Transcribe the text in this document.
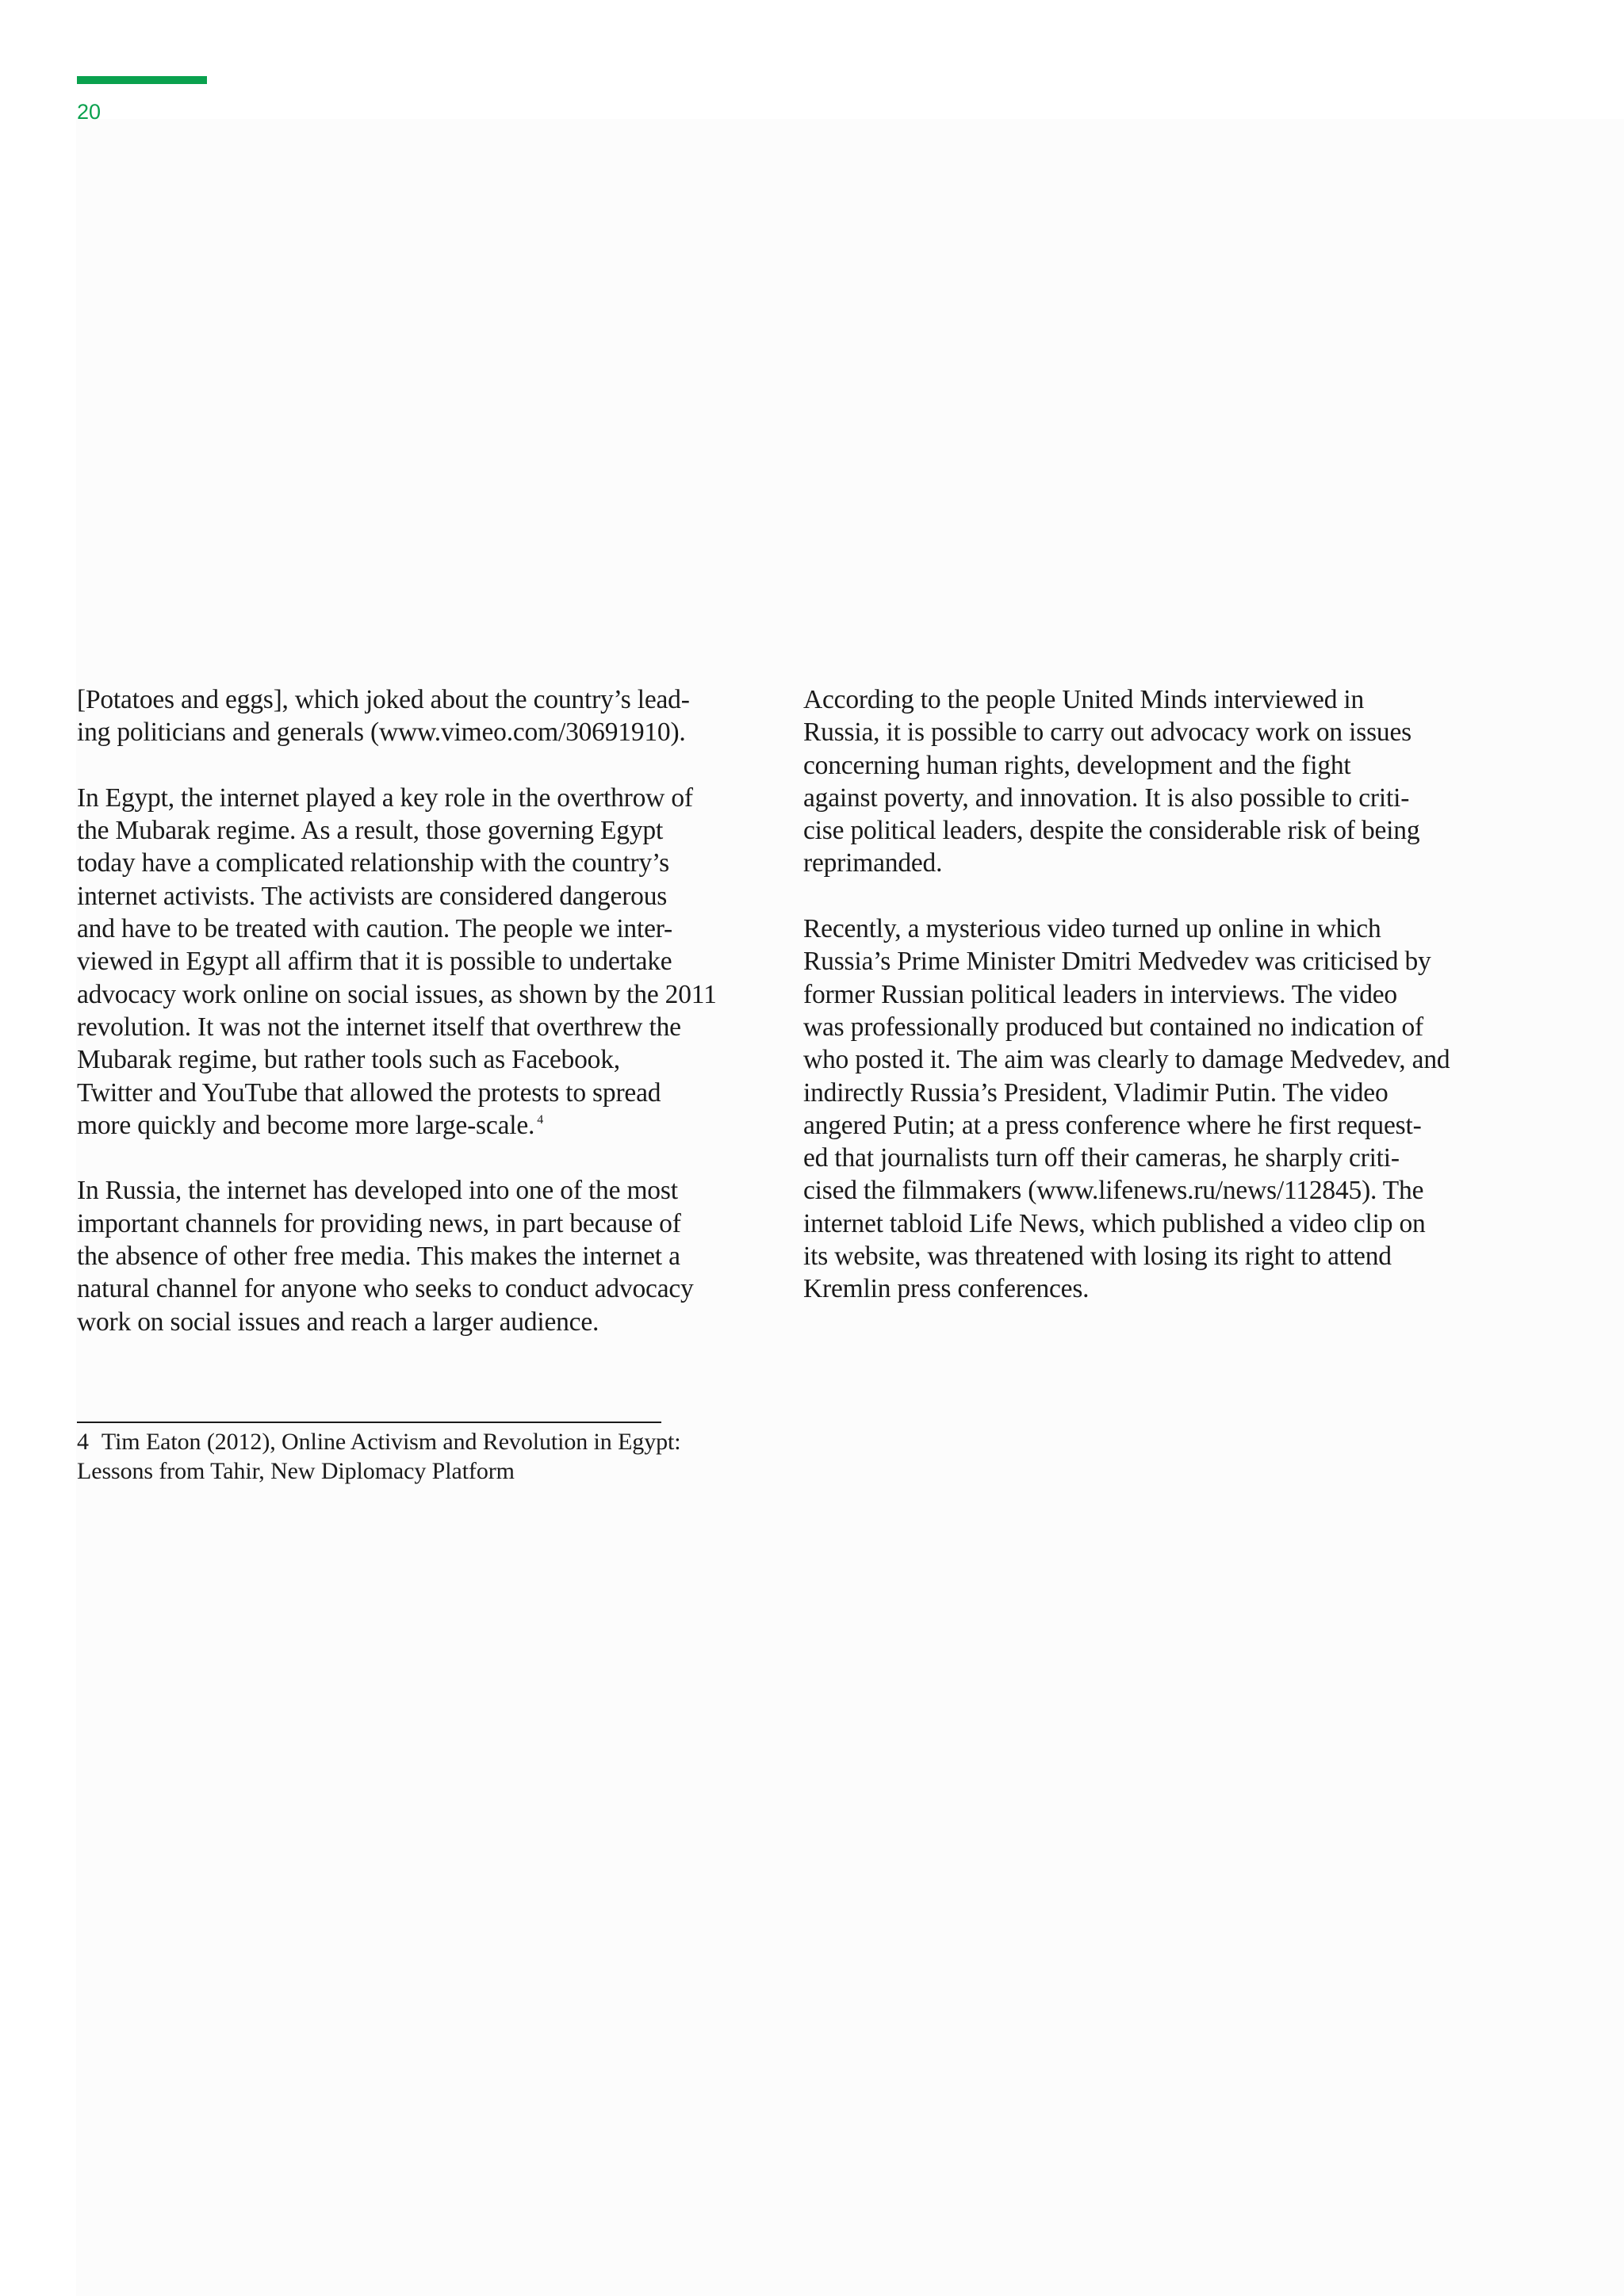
20

[Potatoes and eggs], which joked about the country’s lead-
ing politicians and generals (www.vimeo.com/30691910).

In Egypt, the internet played a key role in the overthrow of
the Mubarak regime. As a result, those governing Egypt
today have a complicated relationship with the country’s
internet activists. The activists are considered dangerous
and have to be treated with caution. The people we inter-
viewed in Egypt all affirm that it is possible to undertake
advocacy work online on social issues, as shown by the 2011
revolution. It was not the internet itself that overthrew the
Mubarak regime, but rather tools such as Facebook,
Twitter and YouTube that allowed the protests to spread
more quickly and become more large-scale. $^4$

In Russia, the internet has developed into one of the most
important channels for providing news, in part because of
the absence of other free media. This makes the internet a
natural channel for anyone who seeks to conduct advocacy
work on social issues and reach a larger audience.

According to the people United Minds interviewed in
Russia, it is possible to carry out advocacy work on issues
concerning human rights, development and the fight
against poverty, and innovation. It is also possible to criti-
cise political leaders, despite the considerable risk of being
reprimanded.

Recently, a mysterious video turned up online in which
Russia’s Prime Minister Dmitri Medvedev was criticised by
former Russian political leaders in interviews. The video
was professionally produced but contained no indication of
who posted it. The aim was clearly to damage Medvedev, and
indirectly Russia’s President, Vladimir Putin. The video
angered Putin; at a press conference where he first request-
ed that journalists turn off their cameras, he sharply criti-
cised the filmmakers (www.lifenews.ru/news/112845). The
internet tabloid Life News, which published a video clip on
its website, was threatened with losing its right to attend
Kremlin press conferences.

4 Tim Eaton (2012), Online Activism and Revolution in Egypt:
Lessons from Tahir, New Diplomacy Platform
